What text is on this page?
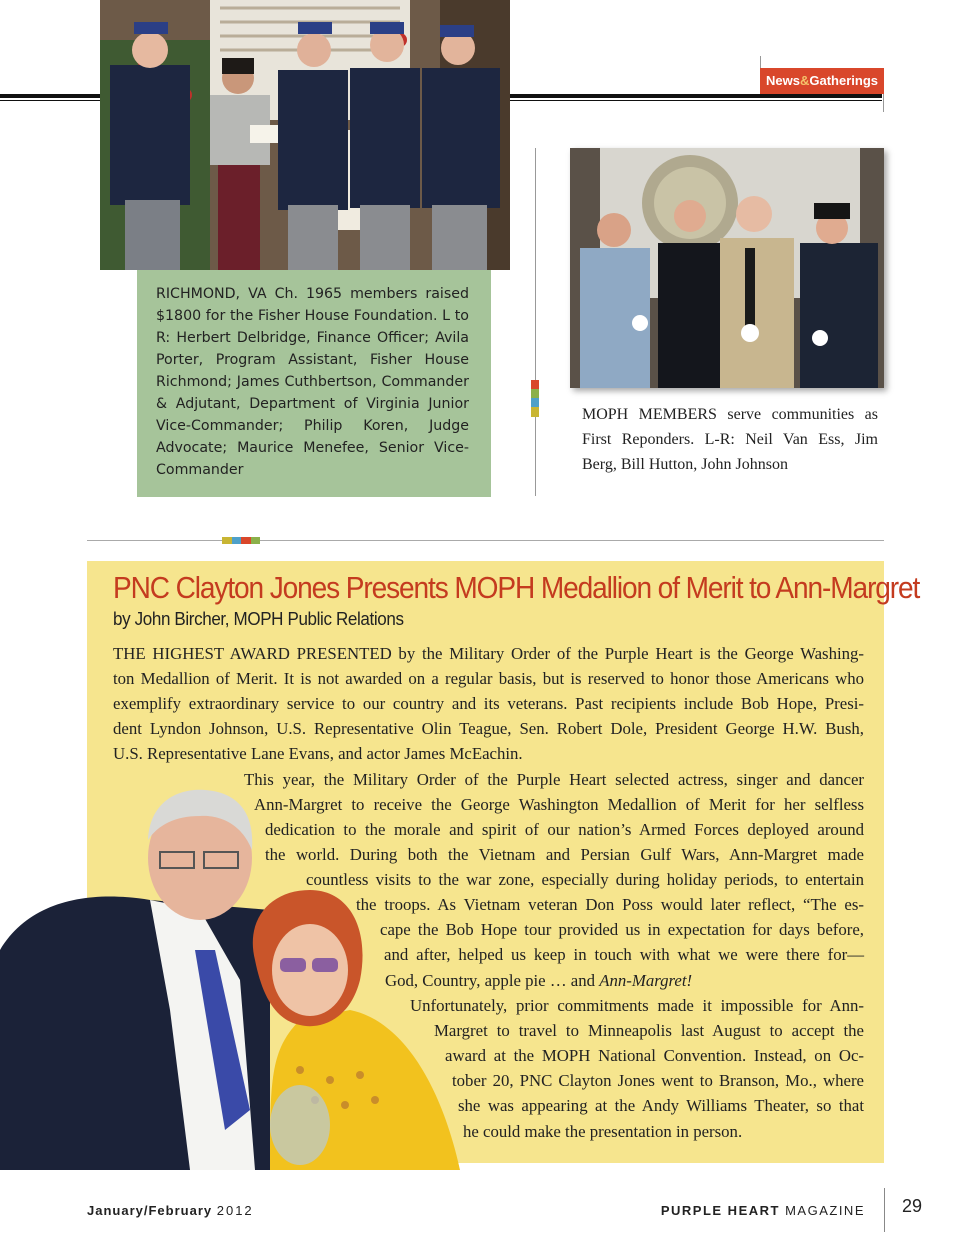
News&Gatherings
RICHMOND, VA Ch. 1965 members raised $1800 for the Fisher House Foundation. L to R: Herbert Delbridge, Finance Officer; Avila Porter, Program Assistant, Fisher House Richmond; James Cuthbertson, Commander & Adjutant, Department of Virginia Junior Vice-Commander; Philip Koren, Judge Advocate; Maurice Menefee, Senior Vice-Commander
MOPH MEMBERS serve communities as First Reponders. L-R: Neil Van Ess, Jim Berg, Bill Hutton, John Johnson
PNC Clayton Jones Presents MOPH Medallion of Merit to Ann-Margret
by John Bircher, MOPH Public Relations
THE HIGHEST AWARD PRESENTED by the Military Order of the Purple Heart is the George Washing-
ton Medallion of Merit. It is not awarded on a regular basis, but is reserved to honor those Americans who
exemplify extraordinary service to our country and its veterans. Past recipients include Bob Hope, Presi-
dent Lyndon Johnson, U.S. Representative Olin Teague, Sen. Robert Dole, President George H.W. Bush,
U.S. Representative Lane Evans, and actor James McEachin.
This year, the Military Order of the Purple Heart selected actress, singer and dancer
Ann-Margret to receive the George Washington Medallion of Merit for her selfless
dedication to the morale and spirit of our nation’s Armed Forces deployed around
the world. During both the Vietnam and Persian Gulf Wars, Ann-Margret made
countless visits to the war zone, especially during holiday periods, to entertain
the troops. As Vietnam veteran Don Poss would later reflect, “The es-
cape the Bob Hope tour provided us in expectation for days before,
and after, helped us keep in touch with what we were there for—
God, Country, apple pie … and Ann-Margret!
Unfortunately, prior commitments made it impossible for Ann-
Margret to travel to Minneapolis last August to accept the
award at the MOPH National Convention. Instead, on Oc-
tober 20, PNC Clayton Jones went to Branson, Mo., where
she was appearing at the Andy Williams Theater, so that
he could make the presentation in person.
January/February 2012	PURPLE HEART MAGAZINE 29
